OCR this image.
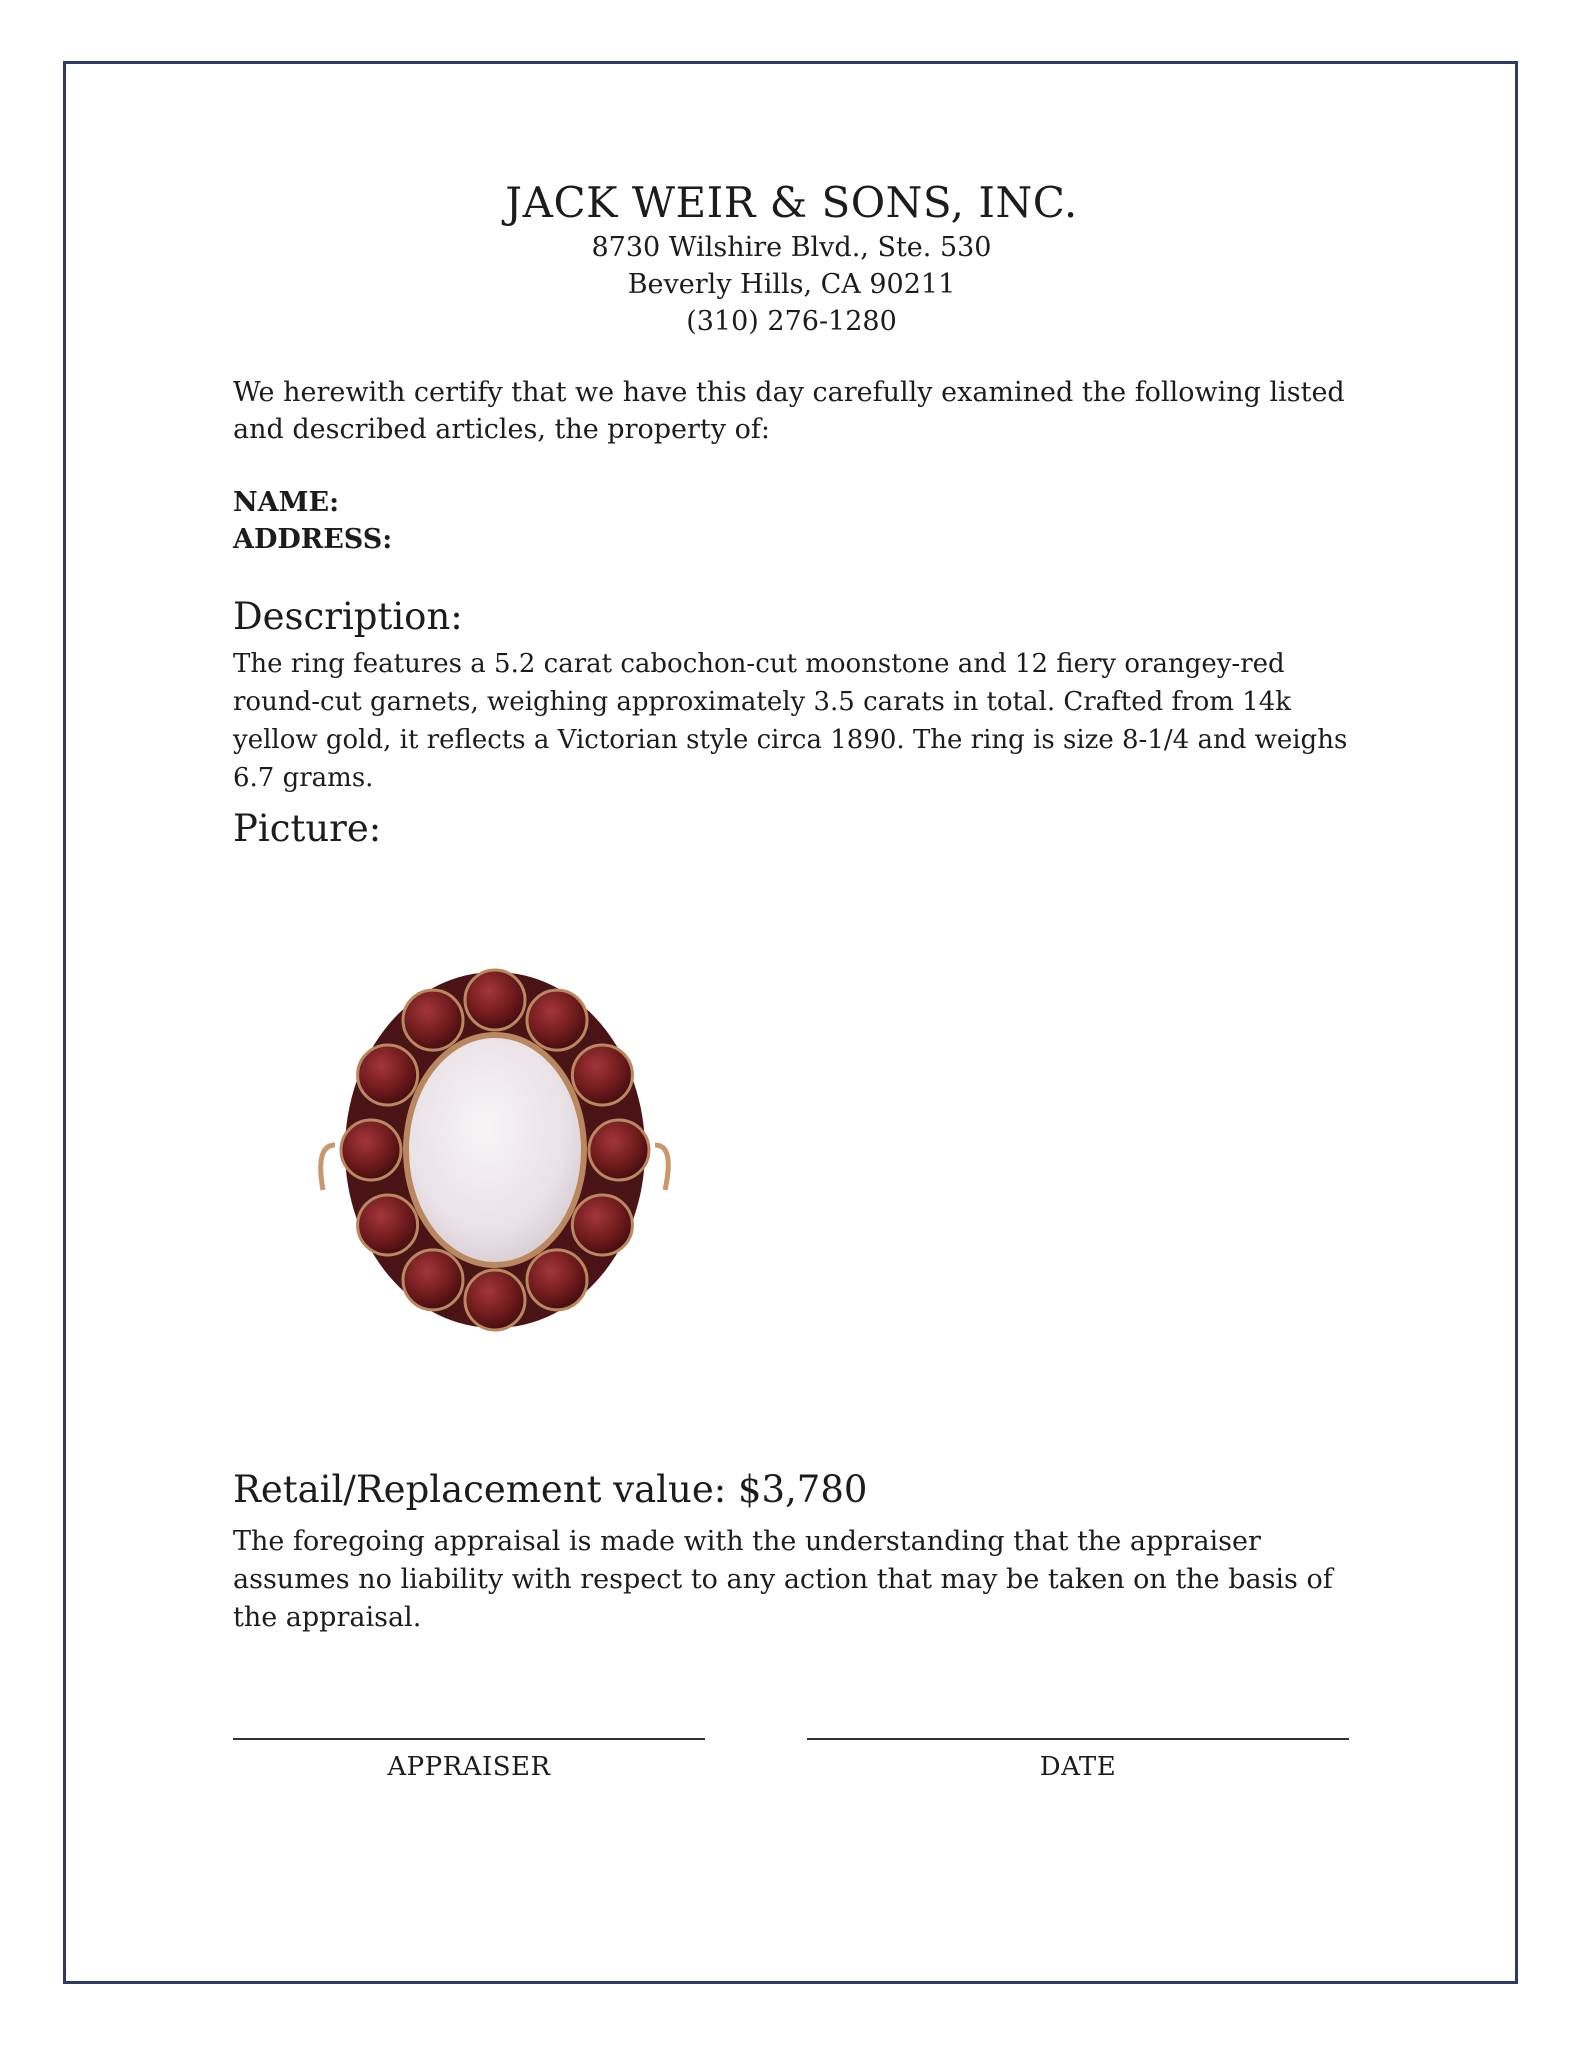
JACK WEIR & SONS, INC.
8730 Wilshire Blvd., Ste. 530
Beverly Hills, CA 90211
(310) 276-1280
We herewith certify that we have this day carefully examined the following listed and described articles, the property of:
NAME:
ADDRESS:
Description:
The ring features a 5.2 carat cabochon-cut moonstone and 12 fiery orangey-red round-cut garnets, weighing approximately 3.5 carats in total. Crafted from 14k yellow gold, it reflects a Victorian style circa 1890. The ring is size 8-1/4 and weighs 6.7 grams.
Picture:
Retail/Replacement value: $3,780
The foregoing appraisal is made with the understanding that the appraiser assumes no liability with respect to any action that may be taken on the basis of the appraisal.
APPRAISER	DATE
